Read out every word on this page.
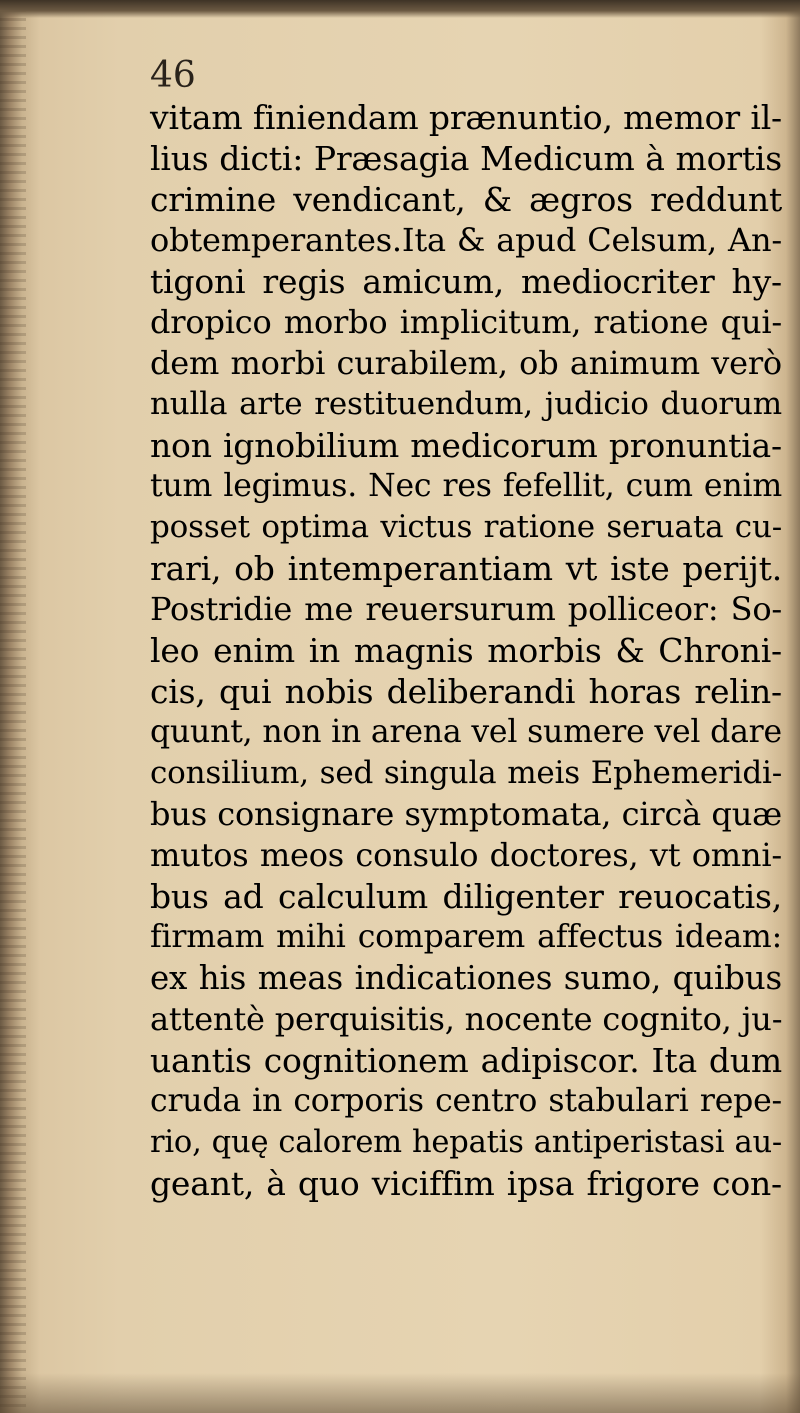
46
vitam finiendam prænuntio, memor il-
lius dicti: Præsagia Medicum à mortis
crimine vendicant, & ægros reddunt
obtemperantes.Ita & apud Celsum, An-
tigoni regis amicum, mediocriter hy-
dropico morbo implicitum, ratione qui-
dem morbi curabilem, ob animum verò
nulla arte restituendum, judicio duorum
non ignobilium medicorum pronuntia-
tum legimus. Nec res fefellit, cum enim
posset optima victus ratione seruata cu-
rari, ob intemperantiam vt iste perijt.
Postridie me reuersurum polliceor: So-
leo enim in magnis morbis & Chroni-
cis, qui nobis deliberandi horas relin-
quunt, non in arena vel sumere vel dare
consilium, sed singula meis Ephemeridi-
bus consignare symptomata, circà quæ
mutos meos consulo doctores, vt omni-
bus ad calculum diligenter reuocatis,
firmam mihi comparem affectus ideam:
ex his meas indicationes sumo, quibus
attentè perquisitis, nocente cognito, ju-
uantis cognitionem adipiscor. Ita dum
cruda in corporis centro stabulari repe-
rio, quę calorem hepatis antiperistasi au-
geant, à quo viciffim ipsa frigore con-
